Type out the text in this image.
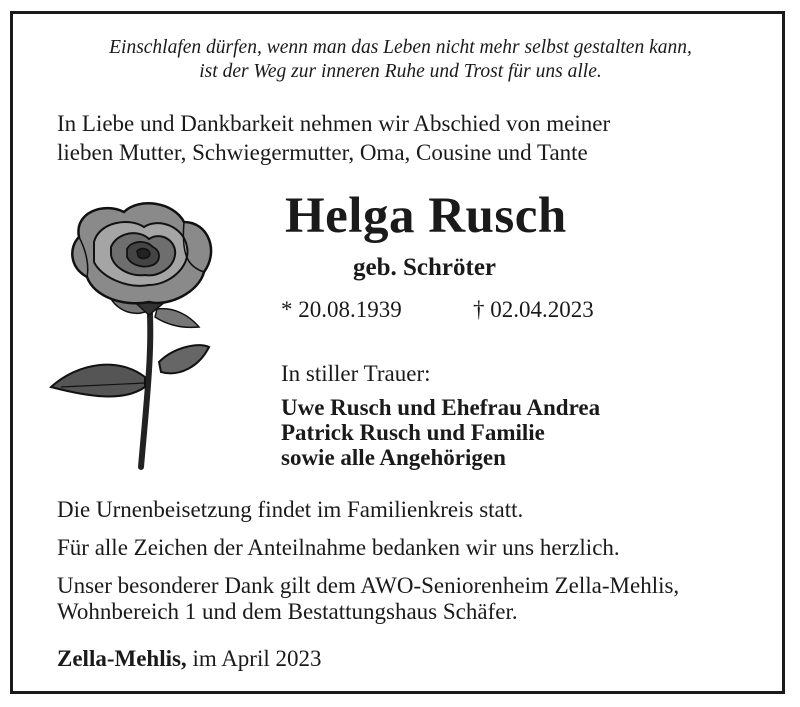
Einschlafen dürfen, wenn man das Leben nicht mehr selbst gestalten kann,
ist der Weg zur inneren Ruhe und Trost für uns alle.
In Liebe und Dankbarkeit nehmen wir Abschied von meiner
lieben Mutter, Schwiegermutter, Oma, Cousine und Tante
Helga Rusch
geb. Schröter
* 20.08.1939	† 02.04.2023
In stiller Trauer:
Uwe Rusch und Ehefrau Andrea
Patrick Rusch und Familie
sowie alle Angehörigen
Die Urnenbeisetzung findet im Familienkreis statt.
Für alle Zeichen der Anteilnahme bedanken wir uns herzlich.
Unser besonderer Dank gilt dem AWO-Seniorenheim Zella-Mehlis,
Wohnbereich 1 und dem Bestattungshaus Schäfer.
Zella-Mehlis, im April 2023
